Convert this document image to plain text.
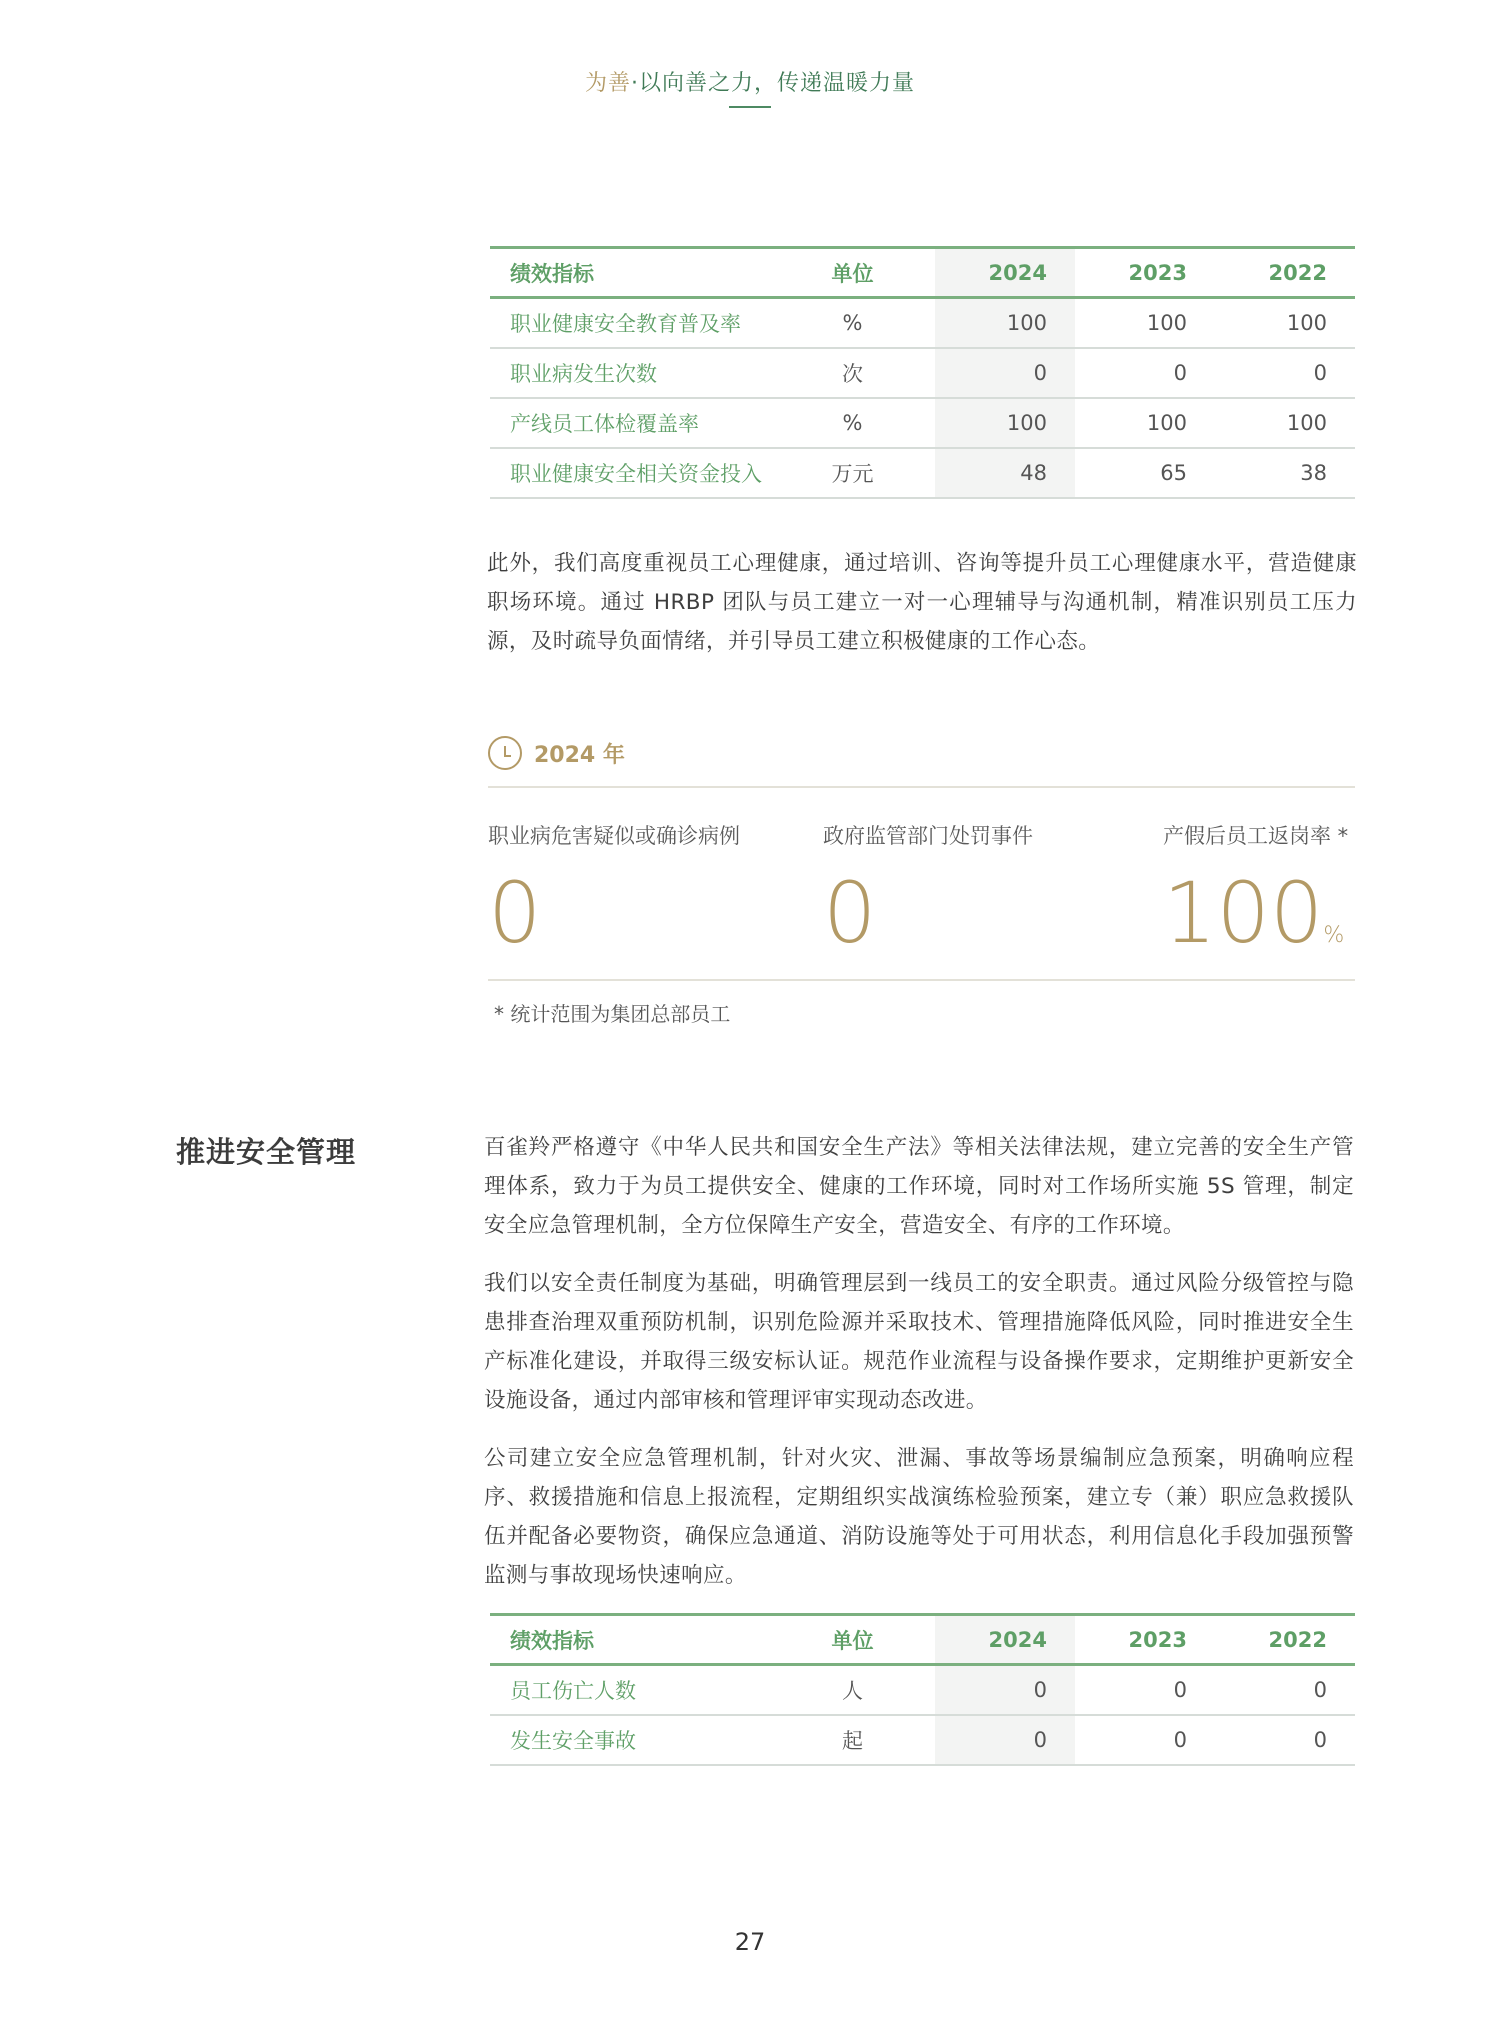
为善·以向善之力，传递温暖力量
绩效指标	单位	2024	2023	2022
职业健康安全教育普及率	%	100	100	100
职业病发生次数	次	0	0	0
产线员工体检覆盖率	%	100	100	100
职业健康安全相关资金投入	万元	48	65	38

此外，我们高度重视员工心理健康，通过培训、咨询等提升员工心理健康水平，营造健康职场环境。通过 HRBP 团队与员工建立一对一心理辅导与沟通机制，精准识别员工压力源，及时疏导负面情绪，并引导员工建立积极健康的工作心态。

2024 年
职业病危害疑似或确诊病例
0
政府监管部门处罚事件
0
产假后员工返岗率 *
100%
* 统计范围为集团总部员工
推进安全管理	百雀羚严格遵守《中华人民共和国安全生产法》等相关法律法规，建立完善的安全生产管理体系，致力于为员工提供安全、健康的工作环境，同时对工作场所实施 5S 管理，制定安全应急管理机制，全方位保障生产安全，营造安全、有序的工作环境。

我们以安全责任制度为基础，明确管理层到一线员工的安全职责。通过风险分级管控与隐患排查治理双重预防机制，识别危险源并采取技术、管理措施降低风险，同时推进安全生产标准化建设，并取得三级安标认证。规范作业流程与设备操作要求，定期维护更新安全设施设备，通过内部审核和管理评审实现动态改进。

公司建立安全应急管理机制，针对火灾、泄漏、事故等场景编制应急预案，明确响应程序、救援措施和信息上报流程，定期组织实战演练检验预案，建立专（兼）职应急救援队伍并配备必要物资，确保应急通道、消防设施等处于可用状态，利用信息化手段加强预警监测与事故现场快速响应。

绩效指标	单位	2024	2023	2022
员工伤亡人数	人	0	0	0
发生安全事故	起	0	0	0
27
